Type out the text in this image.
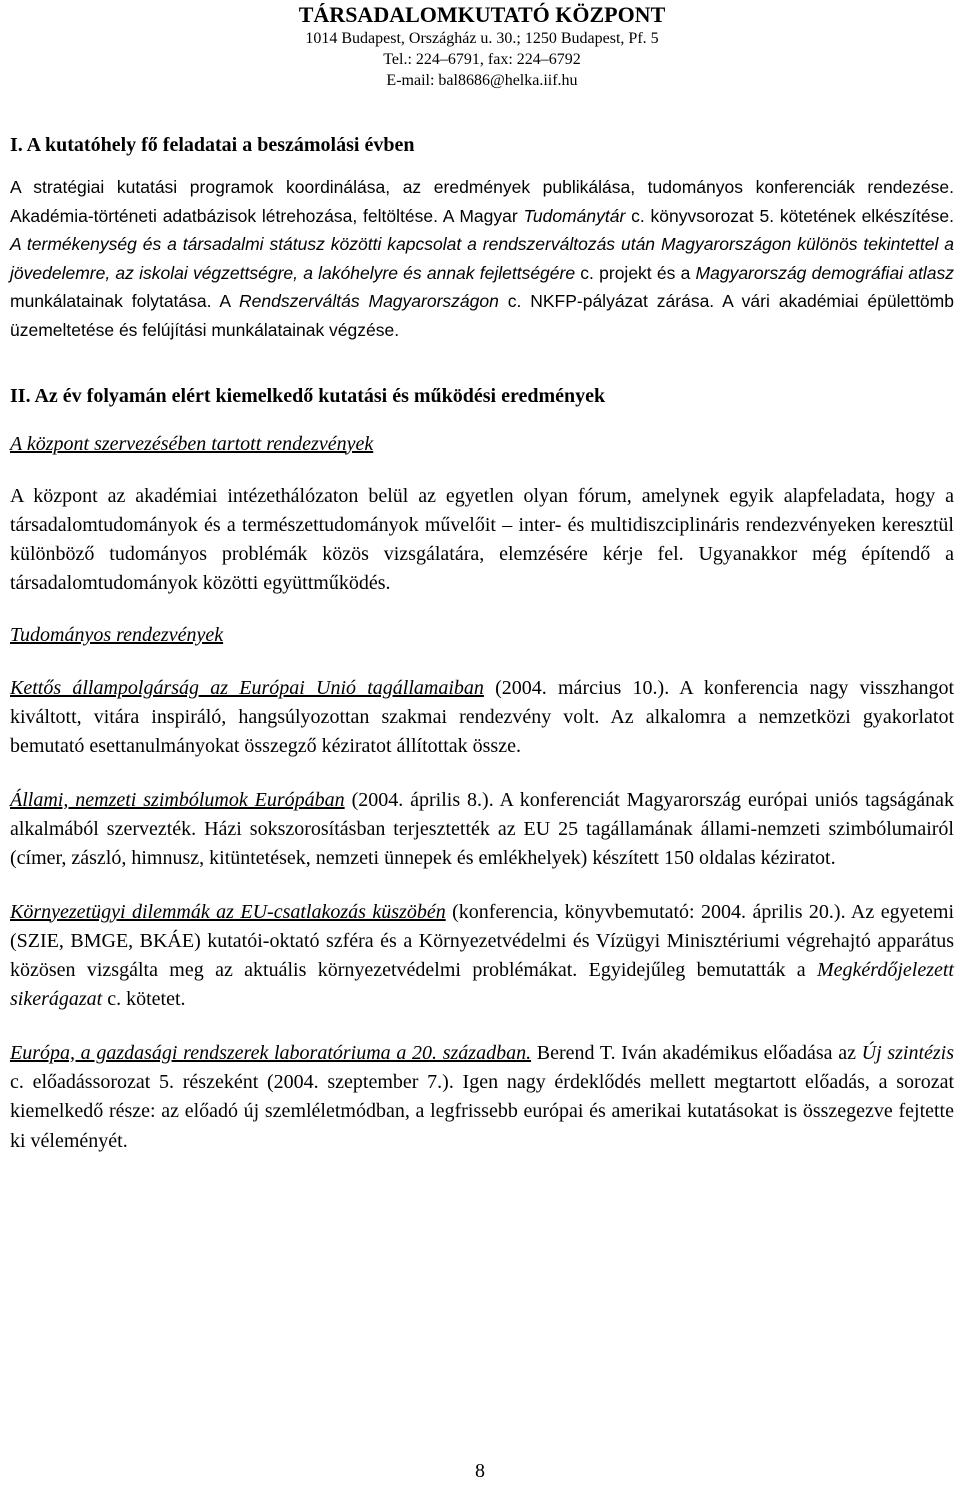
TÁRSADALOMKUTATÓ KÖZPONT
1014 Budapest, Országház u. 30.; 1250 Budapest, Pf. 5
Tel.: 224–6791, fax: 224–6792
E-mail: bal8686@helka.iif.hu
I. A kutatóhely fő feladatai a beszámolási évben

A stratégiai kutatási programok koordinálása, az eredmények publikálása, tudományos konferenciák rendezése. Akadémia-történeti adatbázisok létrehozása, feltöltése. A Magyar Tudománytár c. könyvsorozat 5. kötetének elkészítése. A termékenység és a társadalmi státusz közötti kapcsolat a rendszerváltozás után Magyarországon különös tekintettel a jövedelemre, az iskolai végzettségre, a lakóhelyre és annak fejlettségére c. projekt és a Magyarország demográfiai atlasz munkálatainak folytatása. A Rendszerváltás Magyarországon c. NKFP-pályázat zárása. A vári akadémiai épülettömb üzemeltetése és felújítási munkálatainak végzése.

II. Az év folyamán elért kiemelkedő kutatási és működési eredmények

A központ szervezésében tartott rendezvények

A központ az akadémiai intézethálózaton belül az egyetlen olyan fórum, amelynek egyik alapfeladata, hogy a társadalomtudományok és a természettudományok művelőit – inter- és multidiszciplináris rendezvényeken keresztül különböző tudományos problémák közös vizsgálatára, elemzésére kérje fel. Ugyanakkor még építendő a társadalomtudományok közötti együttműködés.

Tudományos rendezvények

Kettős állampolgárság az Európai Unió tagállamaiban (2004. március 10.). A konferencia nagy visszhangot kiváltott, vitára inspiráló, hangsúlyozottan szakmai rendezvény volt. Az alkalomra a nemzetközi gyakorlatot bemutató esettanulmányokat összegző kéziratot állítottak össze.

Állami, nemzeti szimbólumok Európában (2004. április 8.). A konferenciát Magyarország európai uniós tagságának alkalmából szervezték. Házi sokszorosításban terjesztették az EU 25 tagállamának állami-nemzeti szimbólumairól (címer, zászló, himnusz, kitüntetések, nemzeti ünnepek és emlékhelyek) készített 150 oldalas kéziratot.

Környezetügyi dilemmák az EU-csatlakozás küszöbén (konferencia, könyvbemutató: 2004. április 20.). Az egyetemi (SZIE, BMGE, BKÁE) kutatói-oktató szféra és a Környezetvédelmi és Vízügyi Minisztériumi végrehajtó apparátus közösen vizsgálta meg az aktuális környezetvédelmi problémákat. Egyidejűleg bemutatták a Megkérdőjelezett sikerágazat c. kötetet.

Európa, a gazdasági rendszerek laboratóriuma a 20. században. Berend T. Iván akadémikus előadása az Új szintézis c. előadássorozat 5. részeként (2004. szeptember 7.). Igen nagy érdeklődés mellett megtartott előadás, a sorozat kiemelkedő része: az előadó új szemléletmódban, a legfrissebb európai és amerikai kutatásokat is összegezve fejtette ki véleményét.

8
